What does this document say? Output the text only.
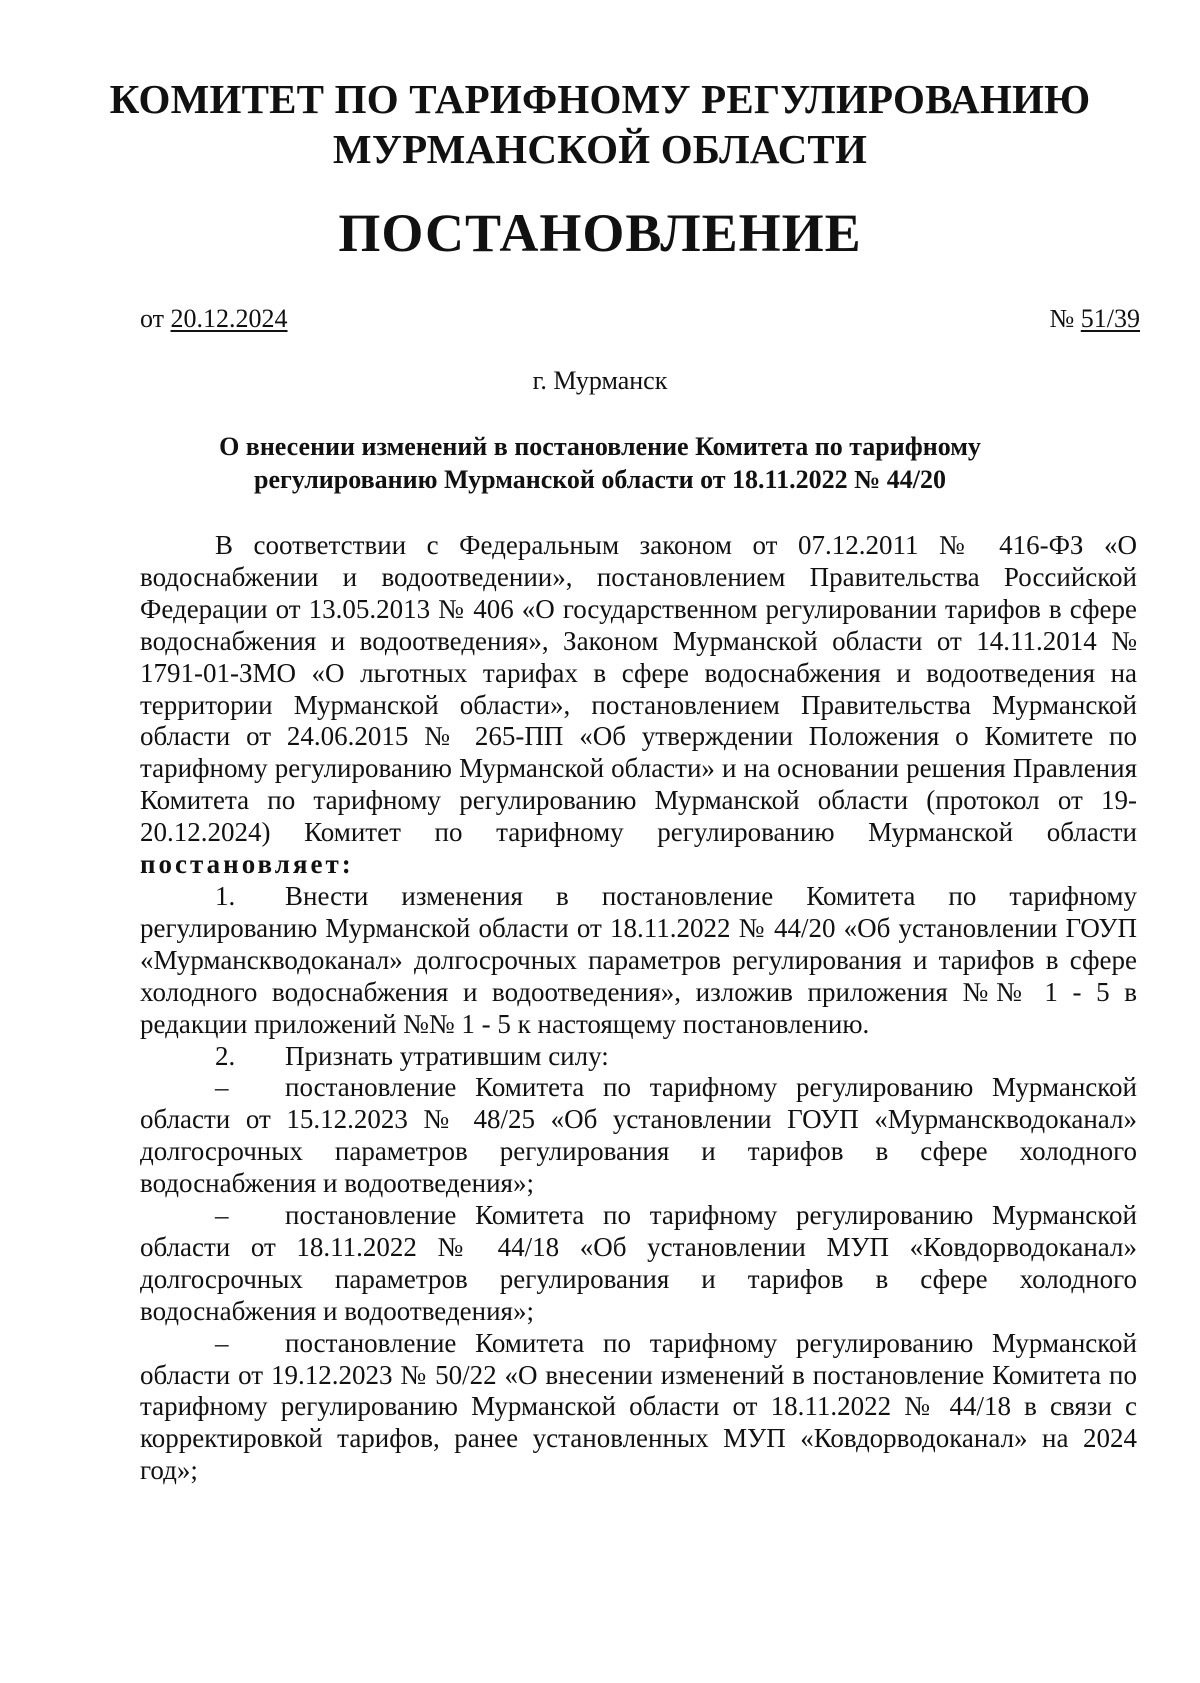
КОМИТЕТ ПО ТАРИФНОМУ РЕГУЛИРОВАНИЮ
МУРМАНСКОЙ ОБЛАСТИ
ПОСТАНОВЛЕНИЕ
от 20.12.2024	№ 51/39
г. Мурманск
О внесении изменений в постановление Комитета по тарифному
регулированию Мурманской области от 18.11.2022 № 44/20

В соответствии с Федеральным законом от 07.12.2011 № 416-ФЗ «О водоснабжении и водоотведении», постановлением Правительства Российской Федерации от 13.05.2013 № 406 «О государственном регулировании тарифов в сфере водоснабжения и водоотведения», Законом Мурманской области от 14.11.2014 № 1791-01-ЗМО «О льготных тарифах в сфере водоснабжения и водоотведения на территории Мурманской области», постановлением Правительства Мурманской области от 24.06.2015 № 265-ПП «Об утверждении Положения о Комитете по тарифному регулированию Мурманской области» и на основании решения Правления Комитета по тарифному регулированию Мурманской области (протокол от 19-20.12.2024) Комитет по тарифному регулированию Мурманской области

постановляет:

1. Внести изменения в постановление Комитета по тарифному регулированию Мурманской области от 18.11.2022 № 44/20 «Об установлении ГОУП «Мурманскводоканал» долгосрочных параметров регулирования и тарифов в сфере холодного водоснабжения и водоотведения», изложив приложения №№ 1 - 5 в редакции приложений №№ 1 - 5 к настоящему постановлению.

2. Признать утратившим силу:

– постановление Комитета по тарифному регулированию Мурманской области от 15.12.2023 № 48/25 «Об установлении ГОУП «Мурманскводоканал» долгосрочных параметров регулирования и тарифов в сфере холодного водоснабжения и водоотведения»;

– постановление Комитета по тарифному регулированию Мурманской области от 18.11.2022 № 44/18 «Об установлении МУП «Ковдорводоканал» долгосрочных параметров регулирования и тарифов в сфере холодного водоснабжения и водоотведения»;

– постановление Комитета по тарифному регулированию Мурманской области от 19.12.2023 № 50/22 «О внесении изменений в постановление Комитета по тарифному регулированию Мурманской области от 18.11.2022 № 44/18 в связи с корректировкой тарифов, ранее установленных МУП «Ковдорводоканал» на 2024 год»;
